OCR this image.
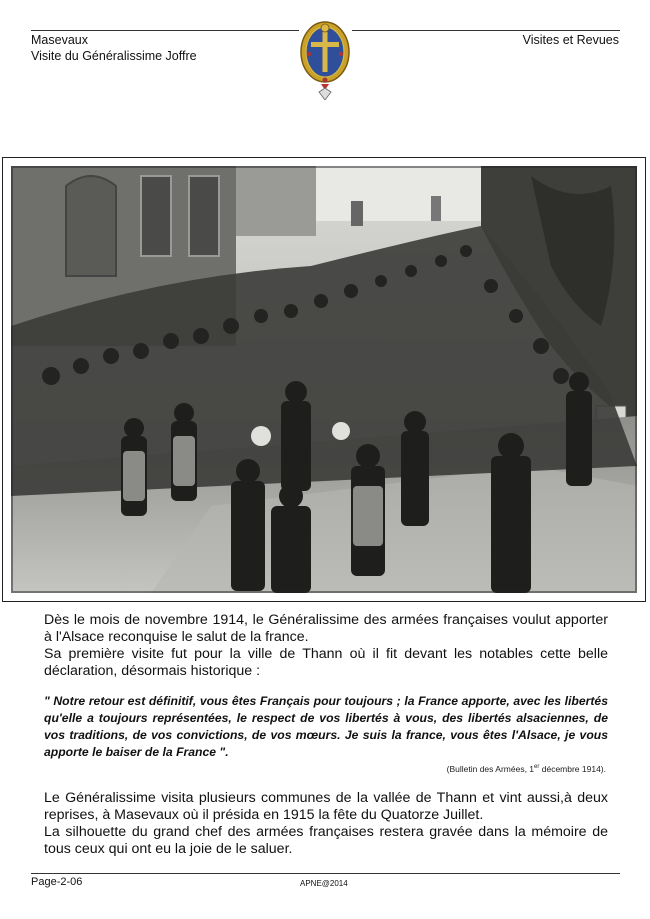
Masevaux
Visite du Généralissime Joffre
Visites et Revues
Dès le mois de novembre 1914, le Généralissime des armées françaises voulut apporter à l'Alsace reconquise le salut de la france.
Sa première visite fut pour la ville de Thann où il fit devant les notables cette belle déclaration, désormais historique :
" Notre retour est définitif, vous êtes Français pour toujours ; la France apporte, avec les libertés qu'elle a toujours représentées, le respect de vos libertés à vous, des libertés alsaciennes, de vos traditions, de vos convictions, de vos mœurs. Je suis la france, vous êtes l'Alsace, je vous apporte le baiser de la France ".
(Bulletin des Armées, 1er décembre 1914).
Le Généralissime visita plusieurs communes de la vallée de Thann et vint aussi,à deux reprises, à Masevaux où il présida en 1915 la fête du Quatorze Juillet.
La silhouette du grand chef des armées françaises restera gravée dans la mémoire de tous ceux qui ont eu la joie de le saluer.
Page-2-06	APNE@2014
